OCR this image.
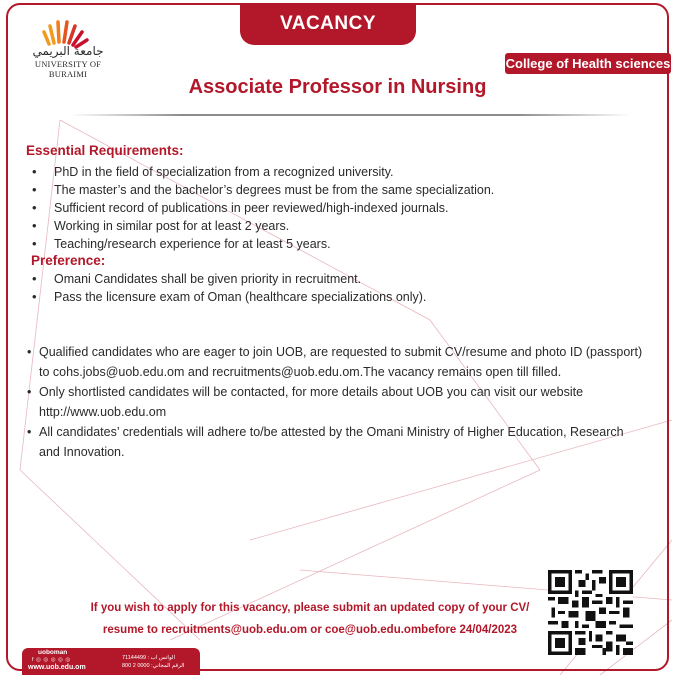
جامعة البريمي
UNIVERSITY OF BURAIMI
VACANCY
College of Health sciences
Associate Professor in Nursing
Essential Requirements:
• PhD in the field of specialization from a recognized university.
• The master’s and the bachelor’s degrees must be from the same specialization.
• Sufficient record of publications in peer reviewed/high-indexed journals.
• Working in similar post for at least 2 years.
• Teaching/research experience for at least 5 years.
Preference:
• Omani Candidates shall be given priority in recruitment.
• Pass the licensure exam of Oman (healthcare specializations only).
• Qualified candidates who are eager to join UOB, are requested to submit CV/resume and photo ID (passport) to cohs.jobs@uob.edu.om and recruitments@uob.edu.om.The vacancy remains open till filled.
• Only shortlisted candidates will be contacted, for more details about UOB you can visit our website http://www.uob.edu.om
• All candidates’ credentials will adhere to/be attested by the Omani Ministry of Higher Education, Research and Innovation.
If you wish to apply for this vacancy, please submit an updated copy of your CV/
resume to recruitments@uob.edu.om or coe@uob.edu.ombefore 24/04/2023
uoboman
f ◎ ◎ ◎ ◎ ◎
www.uob.edu.om
الواتس اب : 71144499
الرقم المجاني: 0000 2 800
